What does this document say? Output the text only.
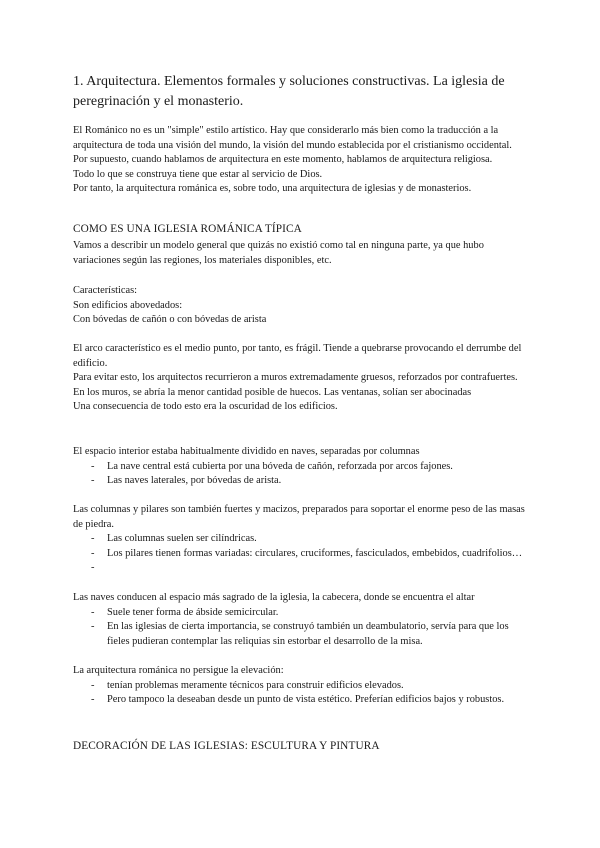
1. Arquitectura. Elementos formales y soluciones constructivas. La iglesia de peregrinación y el monasterio.

El Románico no es un "simple" estilo artístico. Hay que considerarlo más bien como la traducción a la arquitectura de toda una visión del mundo, la visión del mundo establecida por el cristianismo occidental.

Por supuesto, cuando hablamos de arquitectura en este momento, hablamos de arquitectura religiosa.

Todo lo que se construya tiene que estar al servicio de Dios.

Por tanto, la arquitectura románica es, sobre todo, una arquitectura de iglesias y de monasterios.

COMO ES UNA IGLESIA ROMÁNICA TÍPICA

Vamos a describir un modelo general que quizás no existió como tal en ninguna parte, ya que hubo variaciones según las regiones, los materiales disponibles, etc.

Características:

Son edificios abovedados:

Con bóvedas de cañón o con bóvedas de arista

El arco característico es el medio punto, por tanto, es frágil. Tiende a quebrarse provocando el derrumbe del edificio.

Para evitar esto, los arquitectos recurrieron a muros extremadamente gruesos, reforzados por contrafuertes.

En los muros, se abría la menor cantidad posible de huecos. Las ventanas, solían ser abocinadas

Una consecuencia de todo esto era la oscuridad de los edificios.

El espacio interior estaba habitualmente dividido en naves, separadas por columnas

- La nave central está cubierta por una bóveda de cañón, reforzada por arcos fajones.
- Las naves laterales, por bóvedas de arista.

Las columnas y pilares son también fuertes y macizos, preparados para soportar el enorme peso de las masas de piedra.

- Las columnas suelen ser cilíndricas.
- Los pilares tienen formas variadas: circulares, cruciformes, fasciculados, embebidos, cuadrifolios…
-

Las naves conducen al espacio más sagrado de la iglesia, la cabecera, donde se encuentra el altar

- Suele tener forma de ábside semicircular.
- En las iglesias de cierta importancia, se construyó también un deambulatorio, servía para que los fieles pudieran contemplar las reliquias sin estorbar el desarrollo de la misa.

La arquitectura románica no persigue la elevación:

- tenían problemas meramente técnicos para construir edificios elevados.
- Pero tampoco la deseaban desde un punto de vista estético. Preferían edificios bajos y robustos.
DECORACIÓN DE LAS IGLESIAS: ESCULTURA Y PINTURA
